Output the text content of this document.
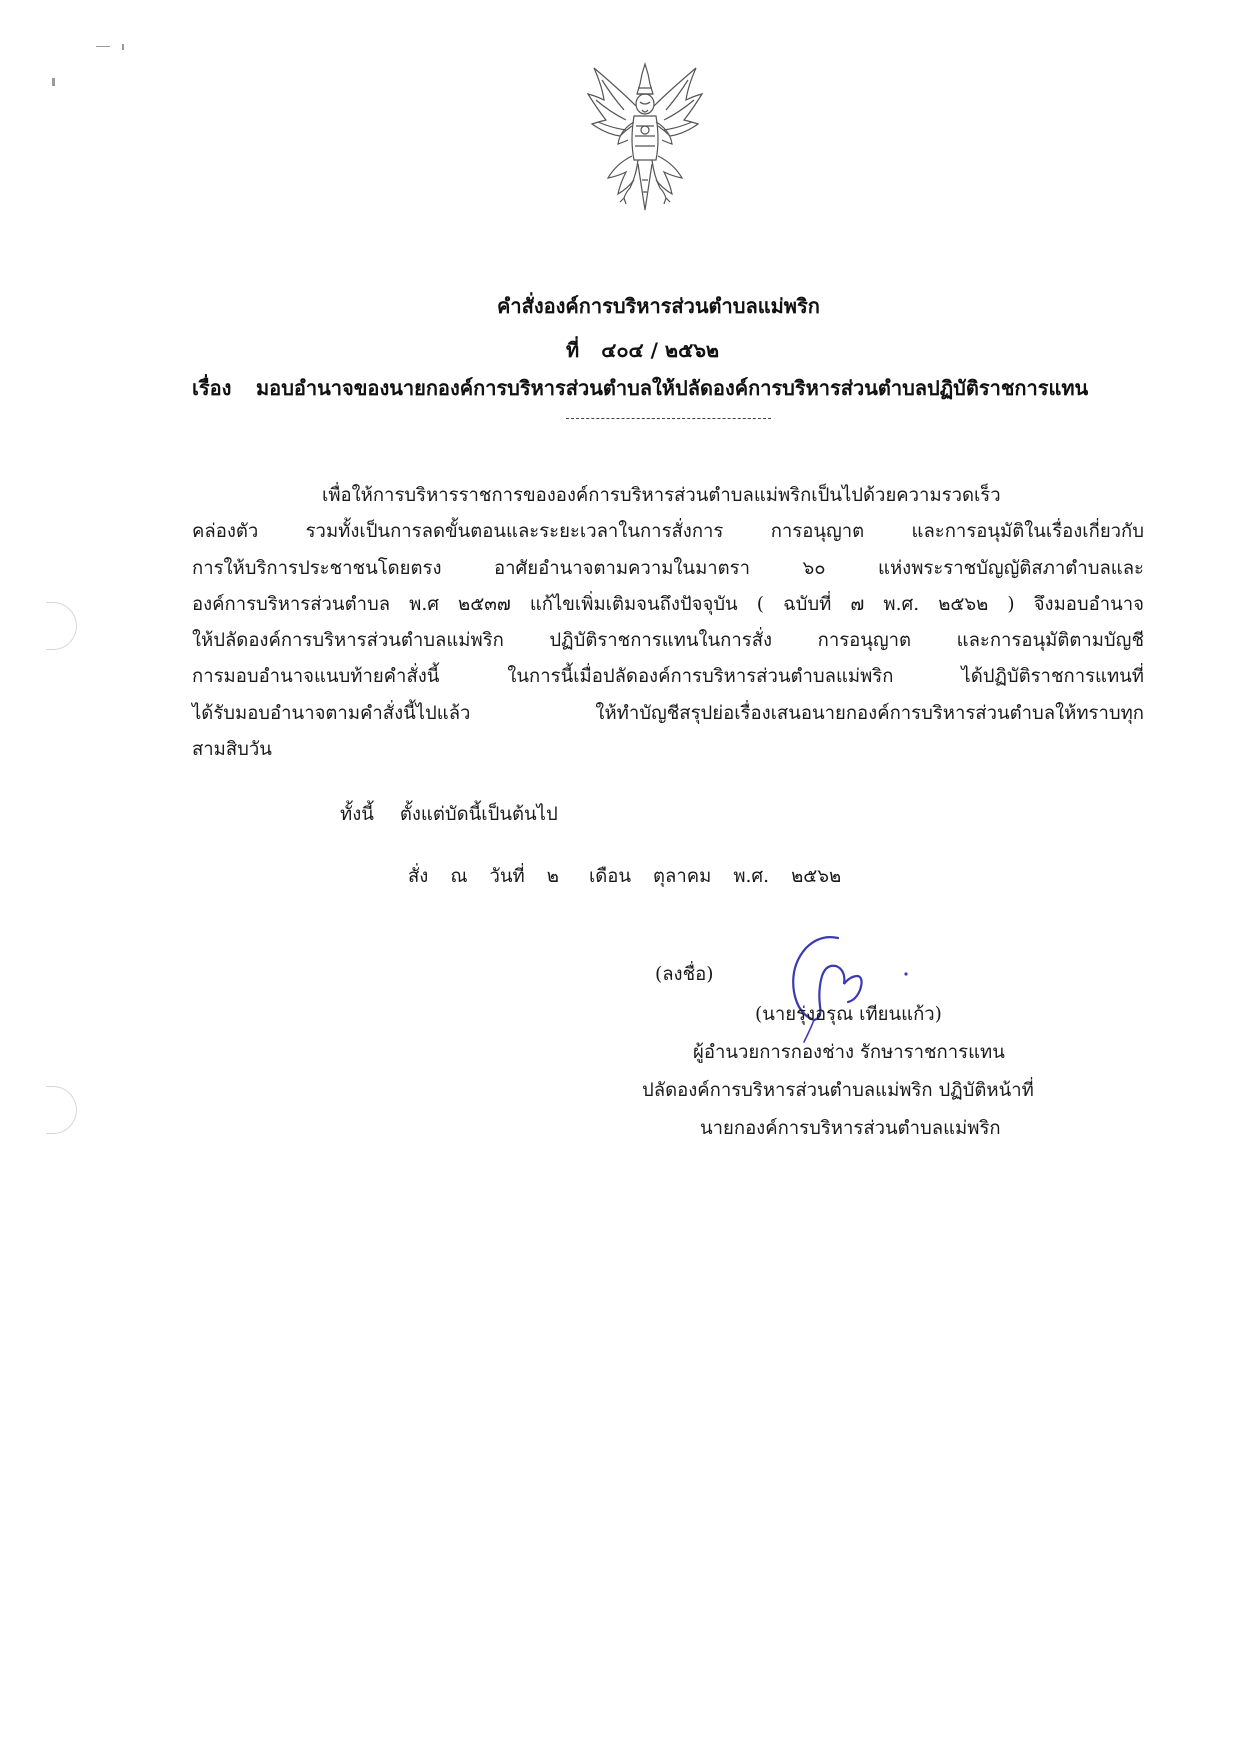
คำสั่งองค์การบริหารส่วนตำบลแม่พริก
ที่ ๔๐๔ / ๒๕๖๒
เรื่อง มอบอำนาจของนายกองค์การบริหารส่วนตำบลให้ปลัดองค์การบริหารส่วนตำบลปฏิบัติราชการแทน
เพื่อให้การบริหารราชการขององค์การบริหารส่วนตำบลแม่พริกเป็นไปด้วยความรวดเร็ว
คล่องตัว รวมทั้งเป็นการลดขั้นตอนและระยะเวลาในการสั่งการ การอนุญาต และการอนุมัติในเรื่องเกี่ยวกับ
การให้บริการประชาชนโดยตรง อาศัยอำนาจตามความในมาตรา ๖๐ แห่งพระราชบัญญัติสภาตำบลและ
องค์การบริหารส่วนตำบล พ.ศ ๒๕๓๗ แก้ไขเพิ่มเติมจนถึงปัจจุบัน ( ฉบับที่ ๗ พ.ศ. ๒๕๖๒ ) จึงมอบอำนาจ
ให้ปลัดองค์การบริหารส่วนตำบลแม่พริก ปฏิบัติราชการแทนในการสั่ง การอนุญาต และการอนุมัติตามบัญชี
การมอบอำนาจแนบท้ายคำสั่งนี้ ในการนี้เมื่อปลัดองค์การบริหารส่วนตำบลแม่พริก ได้ปฏิบัติราชการแทนที่
ได้รับมอบอำนาจตามคำสั่งนี้ไปแล้ว ให้ทำบัญชีสรุปย่อเรื่องเสนอนายกองค์การบริหารส่วนตำบลให้ทราบทุก
สามสิบวัน
ทั้งนี้ ตั้งแต่บัดนี้เป็นต้นไป
สั่ง ณ วันที่ ๒ เดือน ตุลาคม พ.ศ. ๒๕๖๒
(ลงชื่อ)
(นายรุ่งอรุณ เทียนแก้ว)
ผู้อำนวยการกองช่าง รักษาราชการแทน
ปลัดองค์การบริหารส่วนตำบลแม่พริก ปฏิบัติหน้าที่
นายกองค์การบริหารส่วนตำบลแม่พริก
